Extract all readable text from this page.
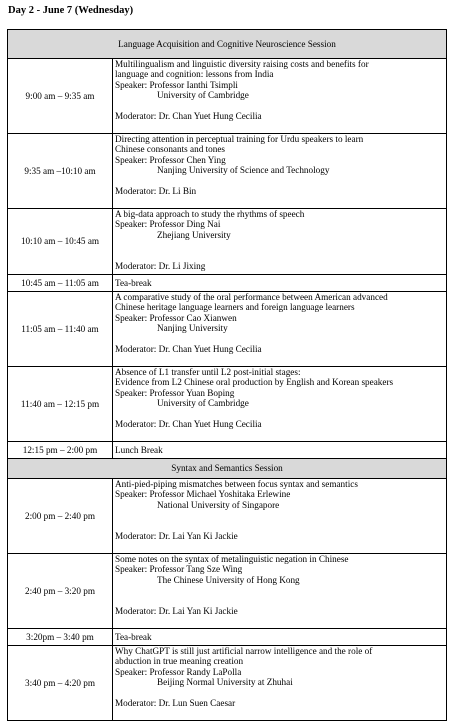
Day 2 - June 7 (Wednesday)
Language Acquisition and Cognitive Neuroscience Session	
9:00 am – 9:35 am	Multilingualism and linguistic diversity raising costs and benefits for
language and cognition: lessons from India
Speaker: Professor Ianthi Tsimpli
University of Cambridge
Moderator: Dr. Chan Yuet Hung Cecilia

9:35 am –10:10 am	Directing attention in perceptual training for Urdu speakers to learn
Chinese consonants and tones
Speaker: Professor Chen Ying
Nanjing University of Science and Technology
Moderator: Dr. Li Bin

10:10 am – 10:45 am	A big-data approach to study the rhythms of speech
Speaker: Professor Ding Nai
Zhejiang University
Moderator: Dr. Li Jixing

10:45 am – 11:05 am	Tea-break

11:05 am – 11:40 am	A comparative study of the oral performance between American advanced
Chinese heritage language learners and foreign language learners
Speaker: Professor Cao Xianwen
Nanjing University
Moderator: Dr. Chan Yuet Hung Cecilia

11:40 am – 12:15 pm	Absence of L1 transfer until L2 post-initial stages:
Evidence from L2 Chinese oral production by English and Korean speakers
Speaker: Professor Yuan Boping
University of Cambridge
Moderator: Dr. Chan Yuet Hung Cecilia

12:15 pm – 2:00 pm	Lunch Break

Syntax and Semantics Session	
2:00 pm – 2:40 pm	Anti-pied-piping mismatches between focus syntax and semantics
Speaker: Professor Michael Yoshitaka Erlewine
National University of Singapore
Moderator: Dr. Lai Yan Ki Jackie

2:40 pm – 3:20 pm	Some notes on the syntax of metalinguistic negation in Chinese
Speaker: Professor Tang Sze Wing
The Chinese University of Hong Kong
Moderator: Dr. Lai Yan Ki Jackie

3:20pm – 3:40 pm	Tea-break

3:40 pm – 4:20 pm	Why ChatGPT is still just artificial narrow intelligence and the role of
abduction in true meaning creation
Speaker: Professor Randy LaPolla
Beijing Normal University at Zhuhai
Moderator: Dr. Lun Suen Caesar
